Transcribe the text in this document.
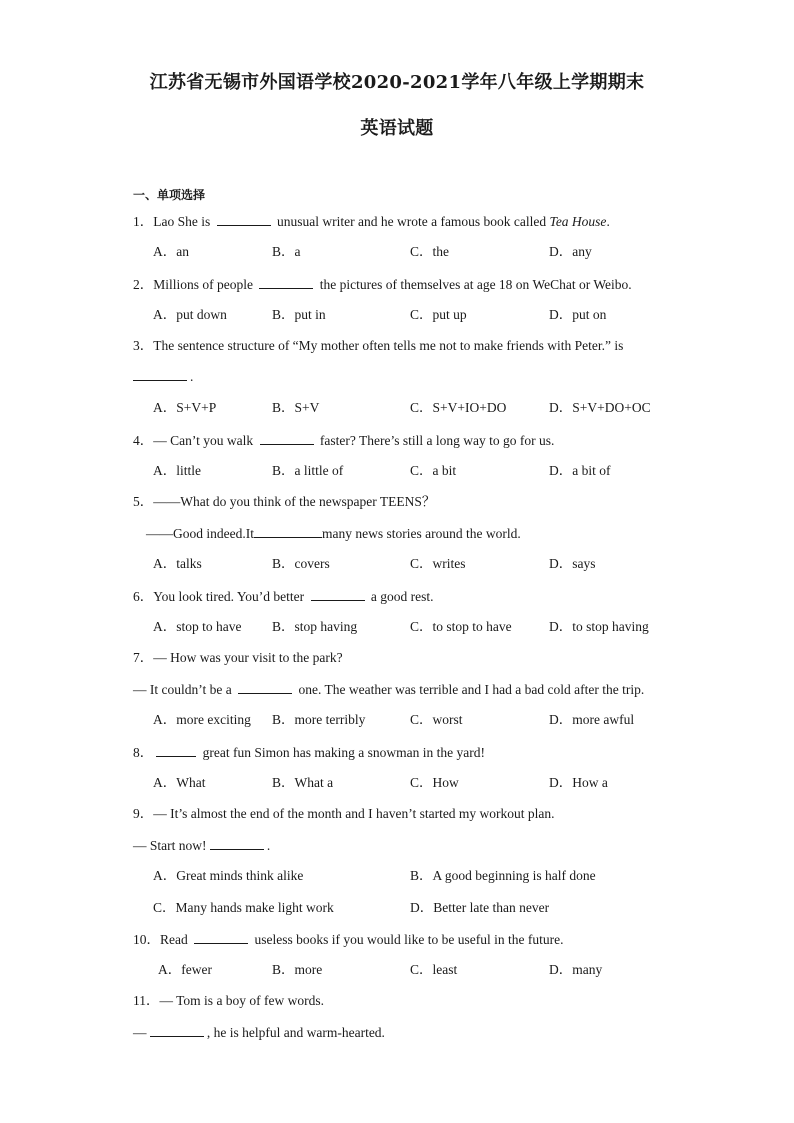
江苏省无锡市外国语学校2020-2021学年八年级上学期期末
英语试题
一、单项选择
1．Lao She is	unusual writer and he wrote a famous book called Tea House.
A．an	B．a	C．the	D．any
2．Millions of people	the pictures of themselves at age 18 on WeChat or Weibo.
A．put down	B．put in	C．put up	D．put on
3．The sentence structure of “My mother often tells me not to make friends with Peter.” is
.
A．S+V+P	B．S+V	C．S+V+IO+DO	D．S+V+DO+OC
4．— Can’t you walk	faster? There’s still a long way to go for us.
A．little	B．a little of	C．a bit	D．a bit of
5．——What do you think of the newspaper TEENS？
——Good indeed.It	many news stories around the world.
A．talks	B．covers	C．writes	D．says
6．You look tired. You’d better	a good rest.
A．stop to have B．stop having	C．to stop to have	D．to stop having
7．— How was your visit to the park?
— It couldn’t be a	one. The weather was terrible and I had a bad cold after the trip.
A．more exciting B．more terribly	C．worst	D．more awful
8．	great fun Simon has making a snowman in the yard!
A．What	B．What a	C．How	D．How a
9．— It’s almost the end of the month and I haven’t started my workout plan.
— Start now!	.
A．Great minds think alike	B．A good beginning is half done
C．Many hands make light work	D．Better late than never
10．Read	useless books if you would like to be useful in the future.
A．fewer	B．more	C．least	D．many
11．— Tom is a boy of few words.
—	, he is helpful and warm-hearted.
